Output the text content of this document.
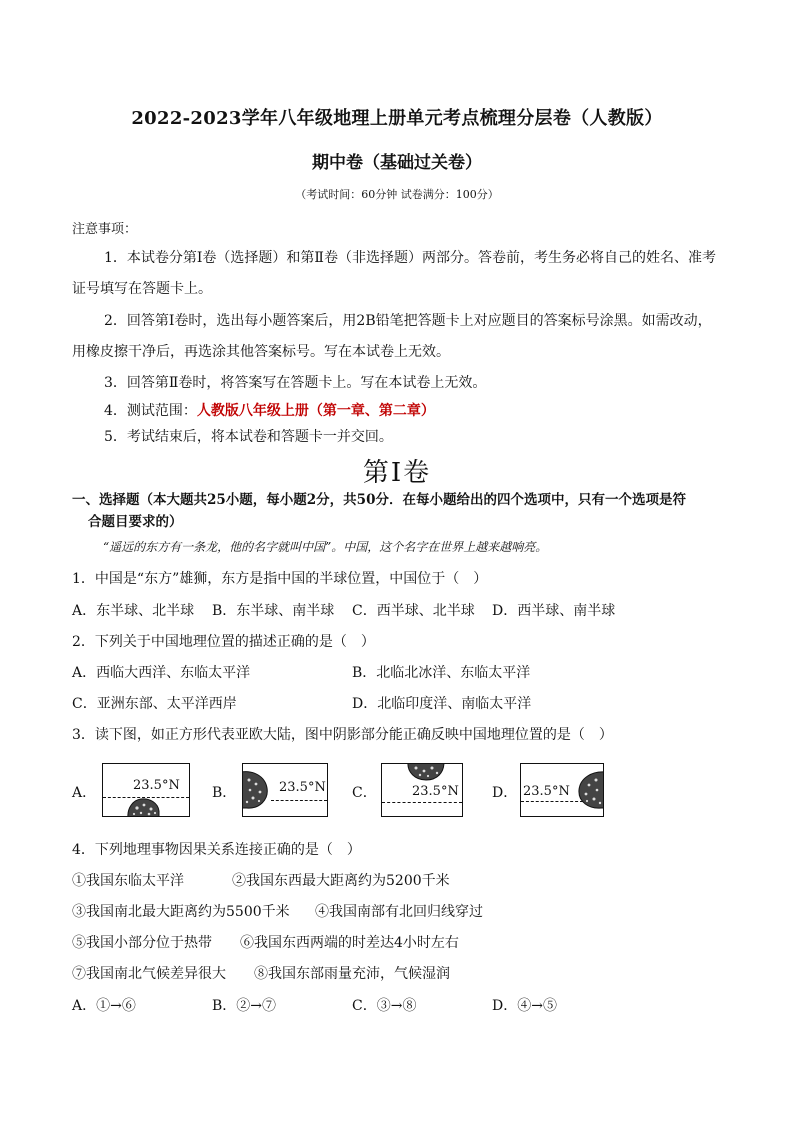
2022-2023学年八年级地理上册单元考点梳理分层卷（人教版）
期中卷（基础过关卷）
（考试时间：60分钟 试卷满分：100分）
注意事项：
1．本试卷分第Ⅰ卷（选择题）和第Ⅱ卷（非选择题）两部分。答卷前，考生务必将自己的姓名、准考
证号填写在答题卡上。
2．回答第Ⅰ卷时，选出每小题答案后，用2B铅笔把答题卡上对应题目的答案标号涂黑。如需改动，
用橡皮擦干净后，再选涂其他答案标号。写在本试卷上无效。
3．回答第Ⅱ卷时，将答案写在答题卡上。写在本试卷上无效。
4．测试范围：人教版八年级上册（第一章、第二章）
5．考试结束后，将本试卷和答题卡一并交回。
第Ⅰ卷
一、选择题（本大题共25小题，每小题2分，共50分．在每小题给出的四个选项中，只有一个选项是符
合题目要求的）
“遥远的东方有一条龙，他的名字就叫中国”。中国，这个名字在世界上越来越响亮。
1．中国是“东方”雄狮，东方是指中国的半球位置，中国位于（　）
A．东半球、北半球 B．东半球、南半球 C．西半球、北半球 D．西半球、南半球
2．下列关于中国地理位置的描述正确的是（　）
A．西临大西洋、东临太平洋	B．北临北冰洋、东临太平洋
C．亚洲东部、太平洋西岸	D．北临印度洋、南临太平洋
3．读下图，如正方形代表亚欧大陆，图中阴影部分能正确反映中国地理位置的是（　）
A．	23.5°N B．	23.5°N C．	23.5°N D． 23.5°N
4．下列地理事物因果关系连接正确的是（　）
①我国东临太平洋	②我国东西最大距离约为5200千米
③我国南北最大距离约为5500千米 ④我国南部有北回归线穿过
⑤我国小部分位于热带 ⑥我国东西两端的时差达4小时左右
⑦我国南北气候差异很大 ⑧我国东部雨量充沛，气候湿润
A．①→⑥	B．②→⑦	C．③→⑧	D．④→⑤
